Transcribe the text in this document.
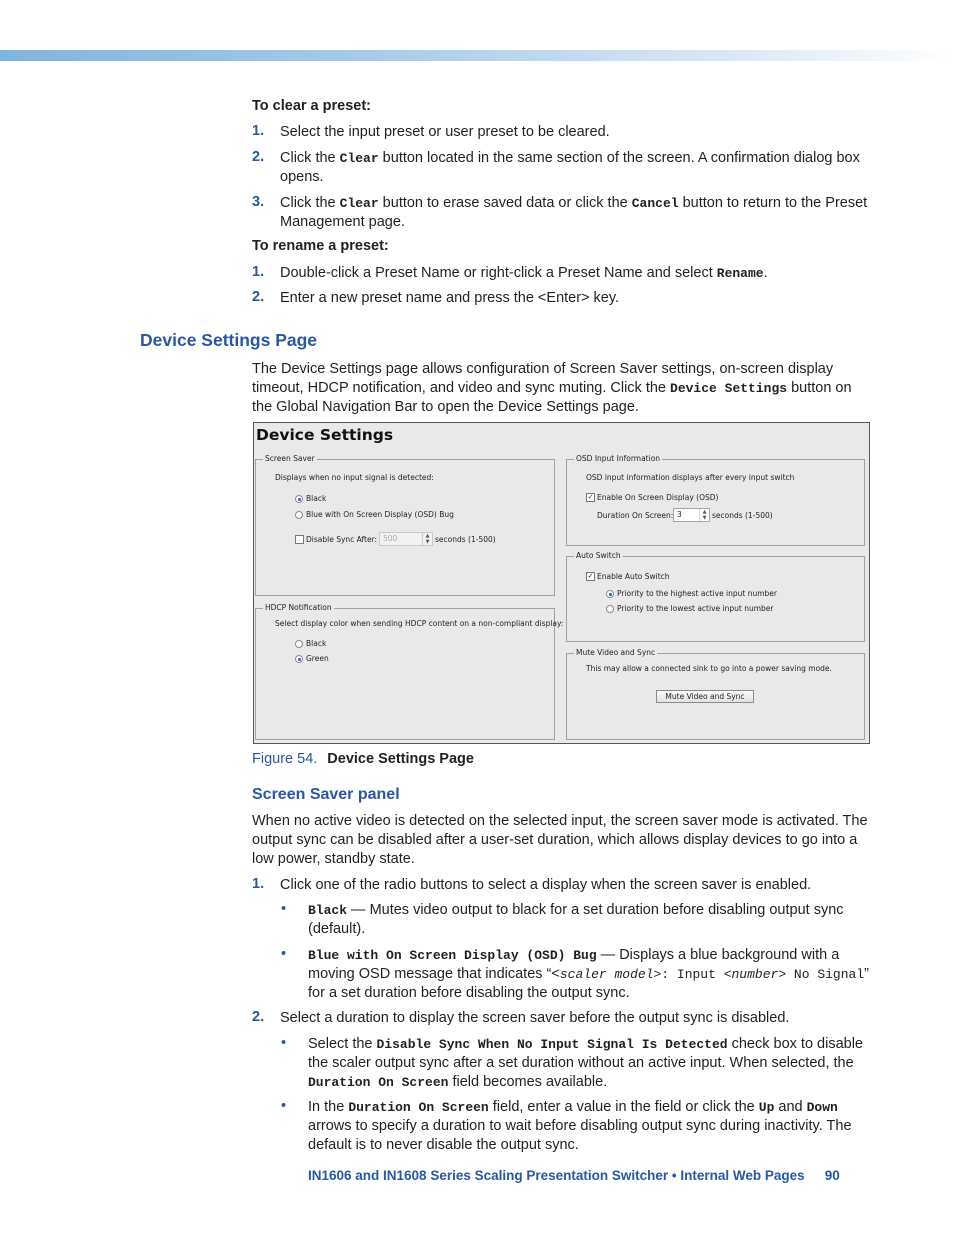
To clear a preset:
1. Select the input preset or user preset to be cleared.
2. Click the Clear button located in the same section of the screen. A confirmation dialog box opens.
3. Click the Clear button to erase saved data or click the Cancel button to return to the Preset Management page.
To rename a preset:
1. Double-click a Preset Name or right-click a Preset Name and select Rename.
2. Enter a new preset name and press the <Enter> key.
Device Settings Page
The Device Settings page allows configuration of Screen Saver settings, on-screen display timeout, HDCP notification, and video and sync muting. Click the Device Settings button on the Global Navigation Bar to open the Device Settings page.
Device Settings
Screen Saver
Displays when no input signal is detected:
Black
Blue with On Screen Display (OSD) Bug
Disable Sync After: 500	▲
▼ seconds (1-500)
HDCP Notification
Select display color when sending HDCP content on a non-compliant display:
Black
Green
OSD Input Information
OSD input information displays after every input switch
✓ Enable On Screen Display (OSD)
Duration On Screen: 3	▲
▼ seconds (1-500)
Auto Switch
✓ Enable Auto Switch
Priority to the highest active input number
Priority to the lowest active input number
Mute Video and Sync
This may allow a connected sink to go into a power saving mode.
Mute Video and Sync
Figure 54. Device Settings Page
Screen Saver panel
When no active video is detected on the selected input, the screen saver mode is activated. The output sync can be disabled after a user-set duration, which allows display devices to go into a low power, standby state.
1. Click one of the radio buttons to select a display when the screen saver is enabled.
• Black — Mutes video output to black for a set duration before disabling output sync (default).
• Blue with On Screen Display (OSD) Bug — Displays a blue background with a moving OSD message that indicates “<scaler model>: Input <number> No Signal” for a set duration before disabling the output sync.
2. Select a duration to display the screen saver before the output sync is disabled.
• Select the Disable Sync When No Input Signal Is Detected check box to disable the scaler output sync after a set duration without an active input. When selected, the Duration On Screen field becomes available.
• In the Duration On Screen field, enter a value in the field or click the Up and Down arrows to specify a duration to wait before disabling output sync during inactivity. The default is to never disable the output sync.
IN1606 and IN1608 Series Scaling Presentation Switcher • Internal Web Pages 90
